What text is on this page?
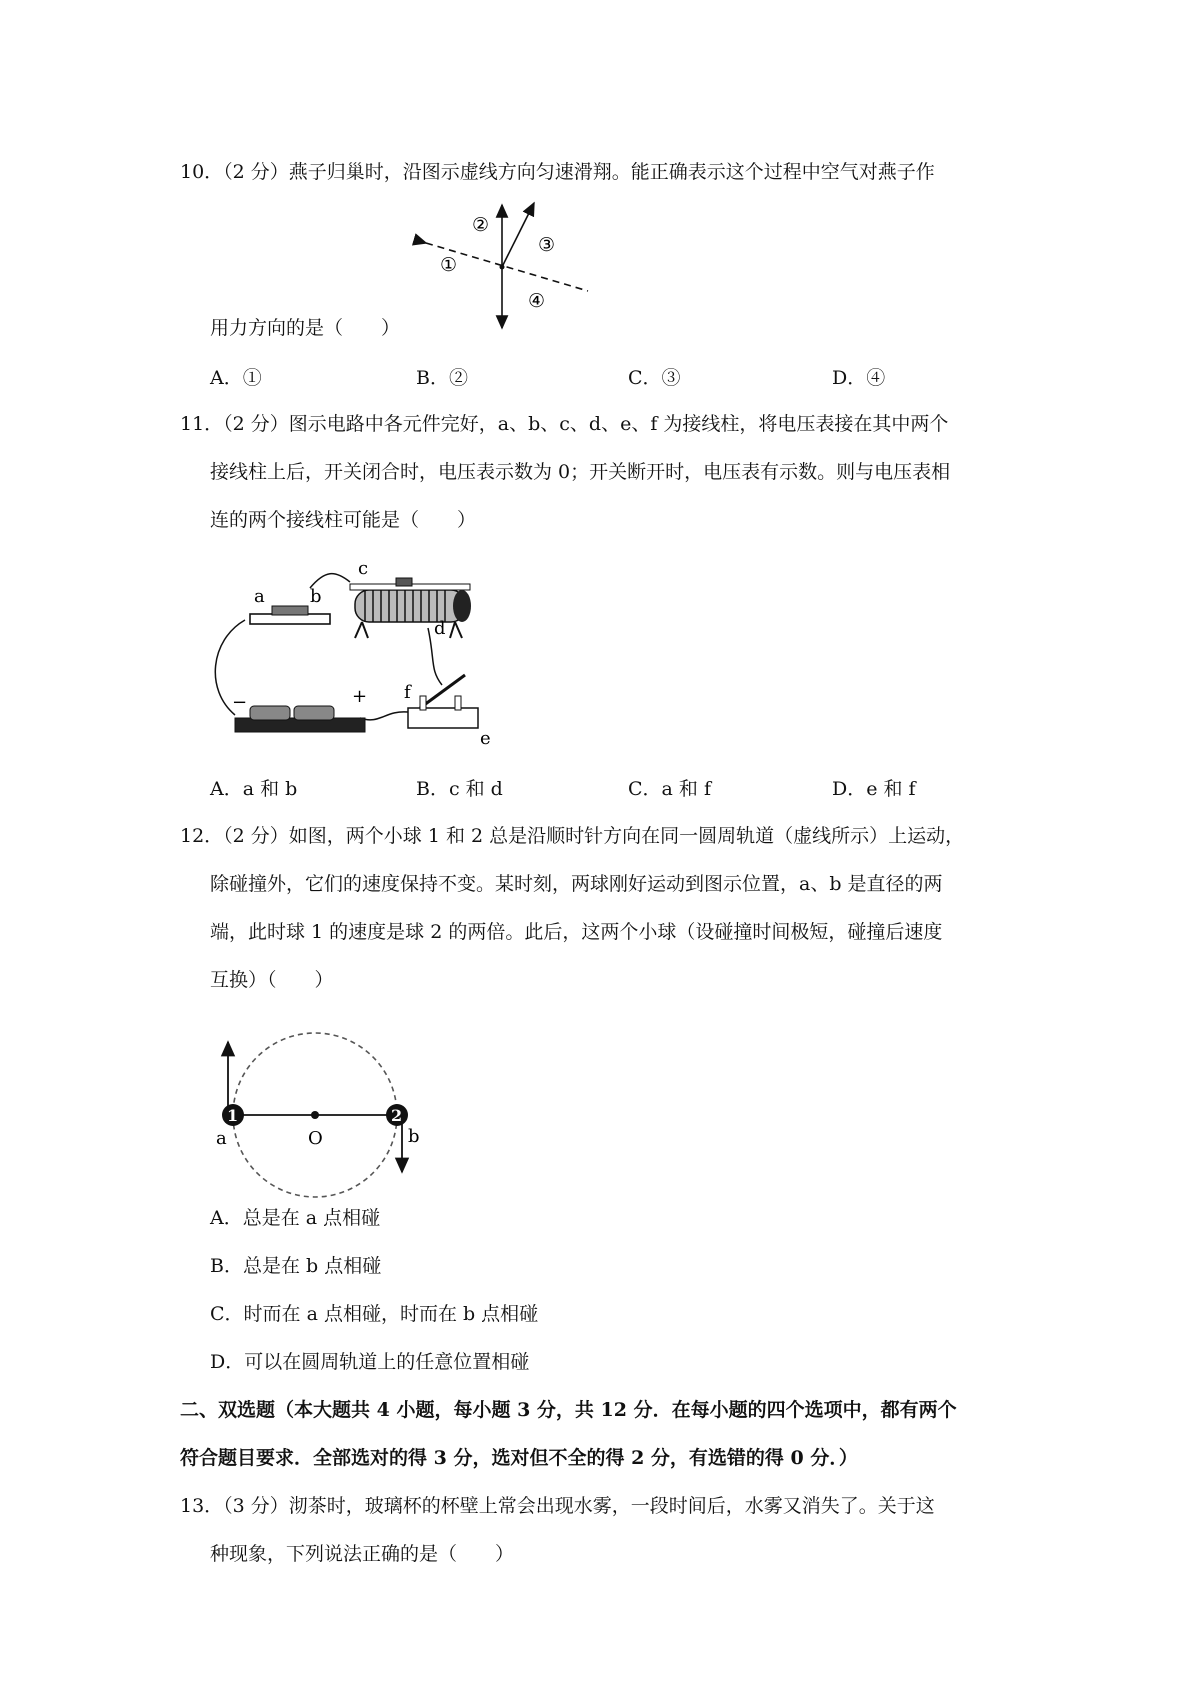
10．（2 分）燕子归巢时，沿图示虚线方向匀速滑翔。能正确表示这个过程中空气对燕子作
①
②
③
④
用力方向的是（　　）
A．①	B．②	C．③	D．④
11．（2 分）图示电路中各元件完好，a、b、c、d、e、f 为接线柱，将电压表接在其中两个
接线柱上后，开关闭合时，电压表示数为 0；开关断开时，电压表有示数。则与电压表相
连的两个接线柱可能是（　　）
a	b
c
d
f
e
+
−
A．a 和 b	B．c 和 d	C．a 和 f	D．e 和 f
12．（2 分）如图，两个小球 1 和 2 总是沿顺时针方向在同一圆周轨道（虚线所示）上运动，
除碰撞外，它们的速度保持不变。某时刻，两球刚好运动到图示位置，a、b 是直径的两
端，此时球 1 的速度是球 2 的两倍。此后，这两个小球（设碰撞时间极短，碰撞后速度
互换）（　　）
1	2
a	b
O
A．总是在 a 点相碰
B．总是在 b 点相碰
C．时而在 a 点相碰，时而在 b 点相碰
D．可以在圆周轨道上的任意位置相碰
二、双选题（本大题共 4 小题，每小题 3 分，共 12 分．在每小题的四个选项中，都有两个
符合题目要求．全部选对的得 3 分，选对但不全的得 2 分，有选错的得 0 分．）
13．（3 分）沏茶时，玻璃杯的杯壁上常会出现水雾，一段时间后，水雾又消失了。关于这
种现象，下列说法正确的是（　　）
